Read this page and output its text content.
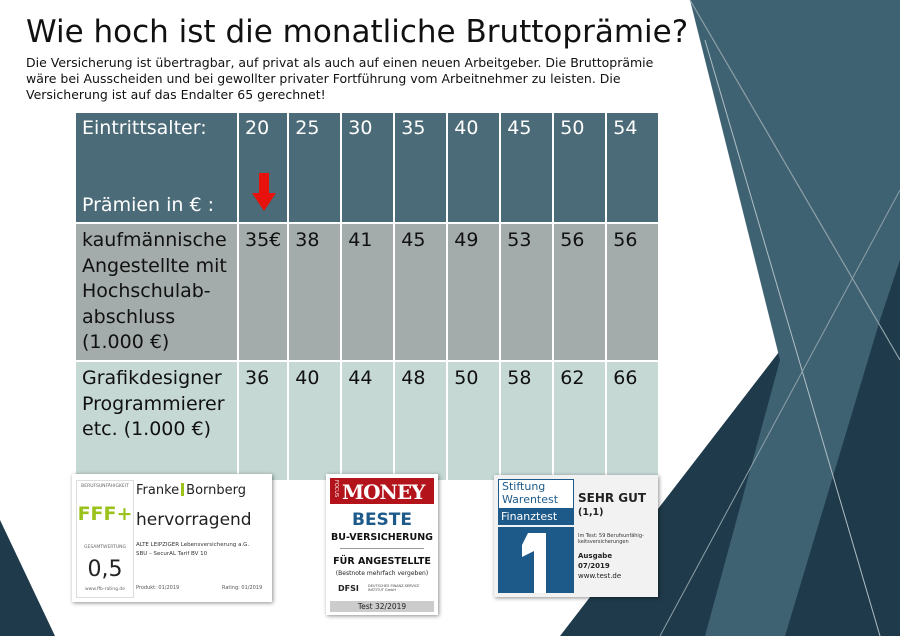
Wie hoch ist die monatliche Bruttoprämie?
Die Versicherung ist übertragbar, auf privat als auch auf einen neuen Arbeitgeber. Die Bruttoprämie wäre bei Ausscheiden und bei gewollter privater Fortführung vom Arbeitnehmer zu leisten. Die Versicherung ist auf das Endalter 65 gerechnet!
Eintrittsalter:
Prämien in € :	20	25	30	35	40	45	50	54
kaufmännische Angestellte mit Hochschulab-abschluss (1.000 €)	35€	38	41	45	49	53	56	56
Grafikdesigner Programmierer etc. (1.000 €)	36	40	44	48	50	58	62	66
BERUFSUNFÄHIGKEIT
FFF+
GESAMTWERTUNG
0,5
www.ffb-rating.de
Franke Bornberg
hervorragend
ALTE LEIPZIGER Lebensversicherung a.G.
SBU – SecurAL Tarif BV 10
Produkt: 01/2019	Rating: 01/2019
FOCUS MONEY
BESTE
BU-VERSICHERUNG
FÜR ANGESTELLTE
(Bestnote mehrfach vergeben)
DFSI	DEUTSCHES FINANZ-SERVICE INSTITUT GmbH
Test 32/2019
Stiftung
Warentest
Finanztest
SEHR GUT
(1,1)
Im Test: 59 Berufsunfähig-keitsversicherungen
Ausgabe
07/2019
www.test.de
